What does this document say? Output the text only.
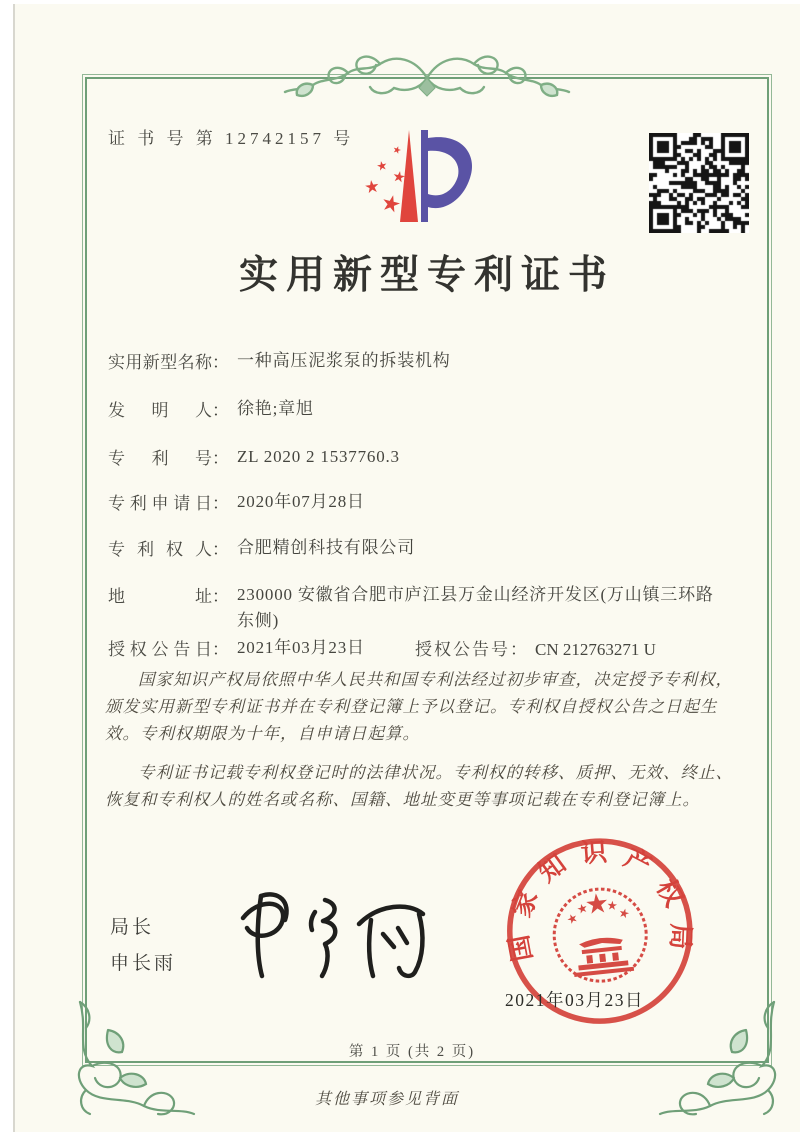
证 书 号 第 12742157 号
实用新型专利证书
实用新型名称： 一种高压泥浆泵的拆装机构
发明人： 徐艳;章旭
专利号： ZL 2020 2 1537760.3
专利申请日： 2020年07月28日
专利权人： 合肥精创科技有限公司
地址： 230000 安徽省合肥市庐江县万金山经济开发区(万山镇三环路东侧)
授权公告日： 2021年03月23日	授权公告号： CN 212763271 U

国家知识产权局依照中华人民共和国专利法经过初步审查，决定授予专利权，颁发实用新型专利证书并在专利登记簿上予以登记。专利权自授权公告之日起生效。专利权期限为十年，自申请日起算。

专利证书记载专利权登记时的法律状况。专利权的转移、质押、无效、终止、恢复和专利权人的姓名或名称、国籍、地址变更等事项记载在专利登记簿上。

局长
申长雨	国家知识产权局
2021年03月23日
第 1 页 (共 2 页)
其他事项参见背面
